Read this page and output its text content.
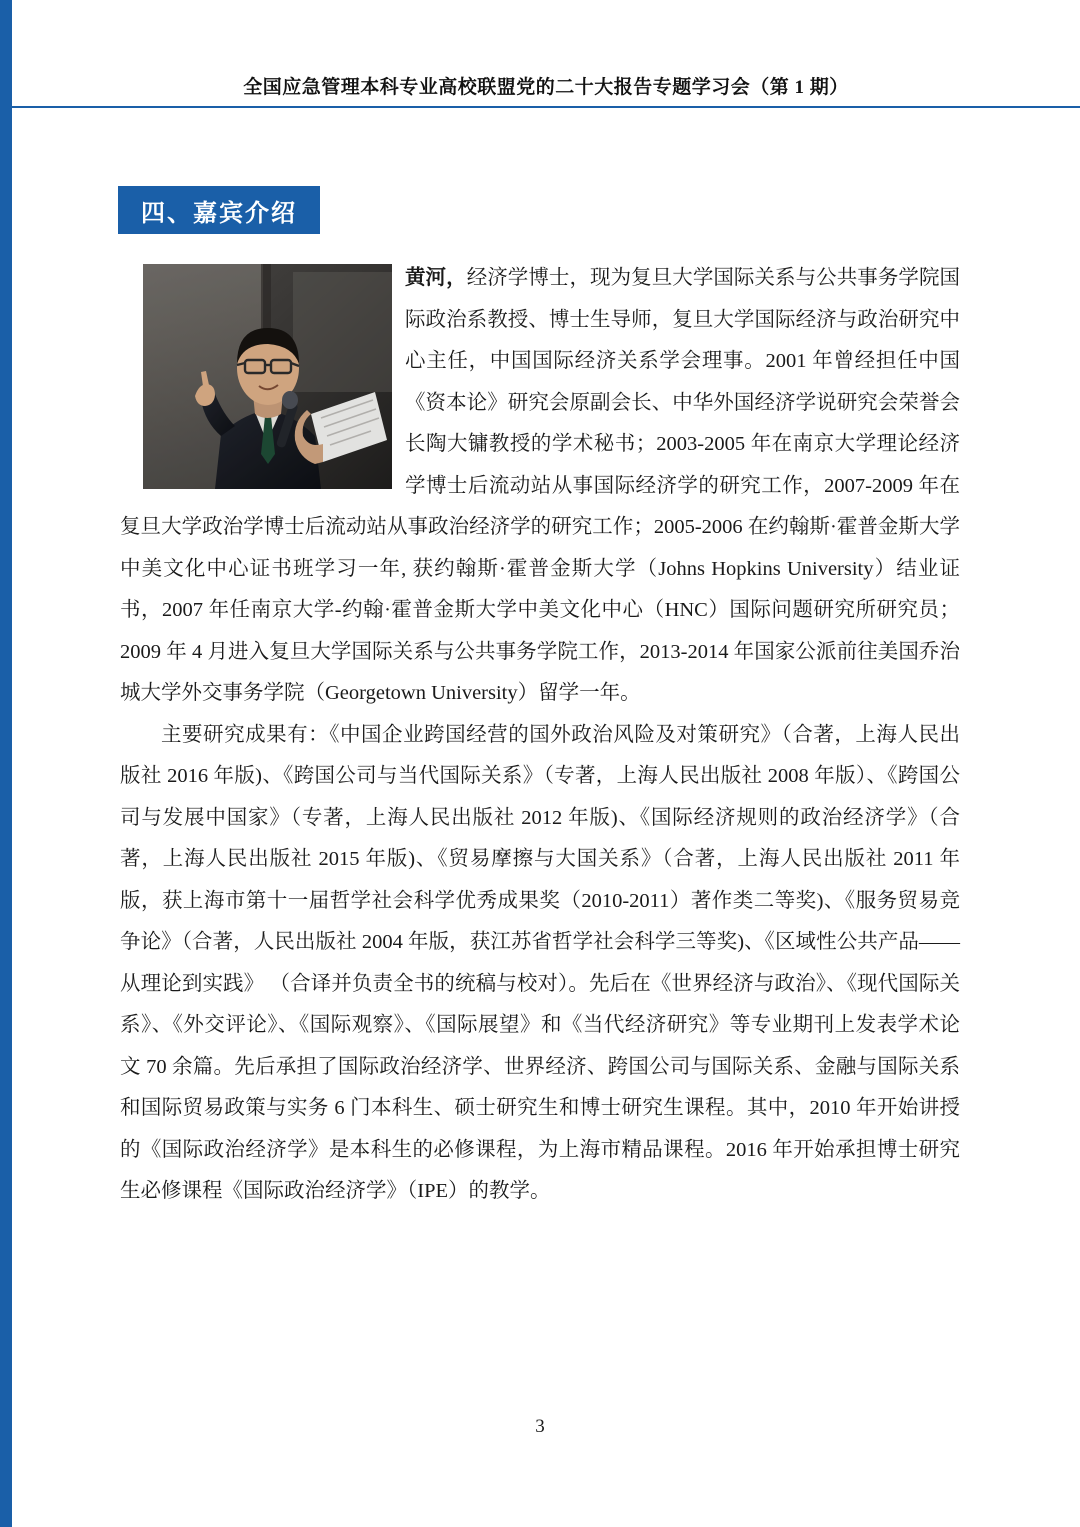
全国应急管理本科专业高校联盟党的二十大报告专题学习会（第 1 期）
四、嘉宾介绍

黄河，经济学博士，现为复旦大学国际关系与公共事务学院国际政治系教授、博士生导师，复旦大学国际经济与政治研究中心主任，中国国际经济关系学会理事。2001 年曾经担任中国《资本论》研究会原副会长、中华外国经济学说研究会荣誉会长陶大镛教授的学术秘书；2003-2005 年在南京大学理论经济学博士后流动站从事国际经济学的研究工作，2007-2009 年在复旦大学政治学博士后流动站从事政治经济学的研究工作；2005-2006 在约翰斯·霍普金斯大学中美文化中心证书班学习一年, 获约翰斯·霍普金斯大学（Johns Hopkins University）结业证书，2007 年任南京大学-约翰·霍普金斯大学中美文化中心（HNC）国际问题研究所研究员；2009 年 4 月进入复旦大学国际关系与公共事务学院工作，2013-2014 年国家公派前往美国乔治城大学外交事务学院（Georgetown University）留学一年。

主要研究成果有：《中国企业跨国经营的国外政治风险及对策研究》（合著，上海人民出版社 2016 年版)、《跨国公司与当代国际关系》（专著，上海人民出版社 2008 年版）、《跨国公司与发展中国家》（专著，上海人民出版社 2012 年版)、《国际经济规则的政治经济学》（合著，上海人民出版社 2015 年版)、《贸易摩擦与大国关系》（合著，上海人民出版社 2011 年版，获上海市第十一届哲学社会科学优秀成果奖（2010-2011）著作类二等奖)、《服务贸易竞争论》（合著，人民出版社 2004 年版，获江苏省哲学社会科学三等奖)、《区域性公共产品——从理论到实践》 （合译并负责全书的统稿与校对）。先后在《世界经济与政治》、《现代国际关系》、《外交评论》、《国际观察》、《国际展望》和《当代经济研究》等专业期刊上发表学术论文 70 余篇。先后承担了国际政治经济学、世界经济、跨国公司与国际关系、金融与国际关系和国际贸易政策与实务 6 门本科生、硕士研究生和博士研究生课程。其中，2010 年开始讲授的《国际政治经济学》是本科生的必修课程，为上海市精品课程。2016 年开始承担博士研究生必修课程《国际政治经济学》（IPE）的教学。

3
